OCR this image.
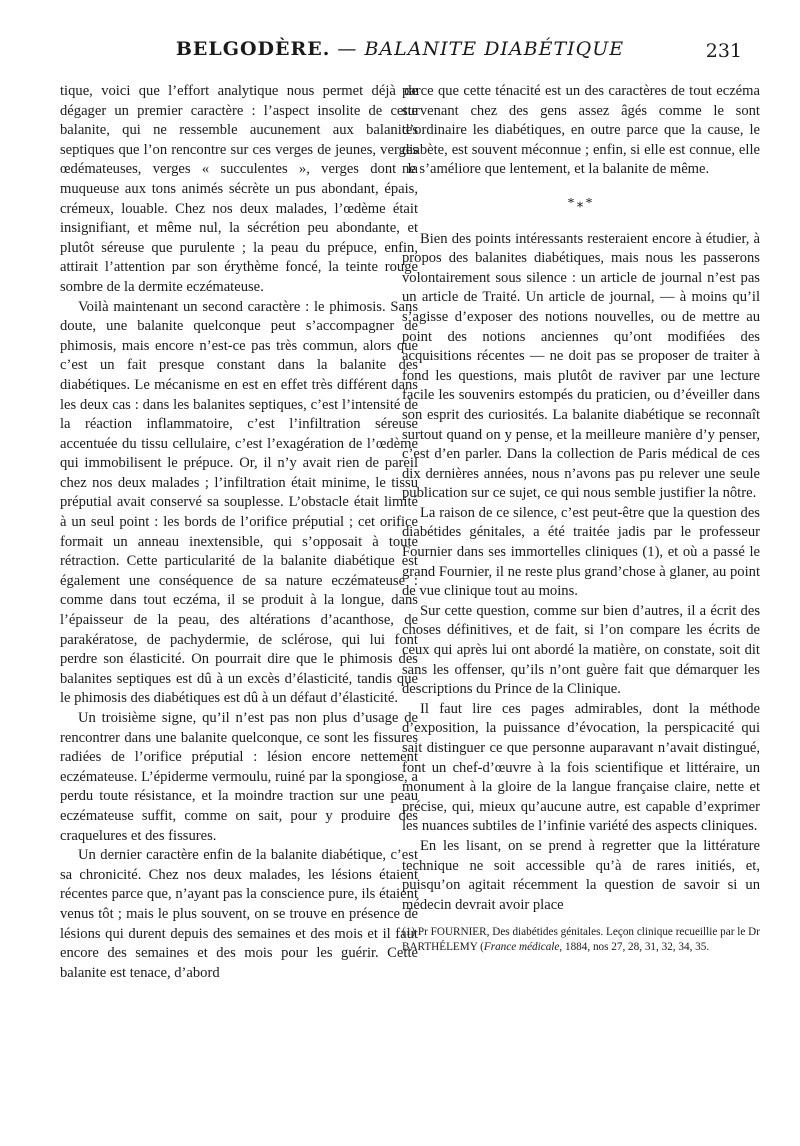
BELGODÈRE. — BALANITE DIABÉTIQUE	231

tique, voici que l’effort analytique nous permet déjà de dégager un premier caractère : l’aspect insolite de cette balanite, qui ne ressemble aucunement aux balanites septiques que l’on rencontre sur ces verges de jeunes, verges œdémateuses, verges « succulentes », verges dont la muqueuse aux tons animés sécrète un pus abondant, épais, crémeux, louable. Chez nos deux malades, l’œdème était insignifiant, et même nul, la sécrétion peu abondante, et plutôt séreuse que purulente ; la peau du prépuce, enfin, attirait l’attention par son érythème foncé, la teinte rouge sombre de la dermite eczémateuse.

Voilà maintenant un second caractère : le phimosis. Sans doute, une balanite quelconque peut s’accompagner de phimosis, mais encore n’est-ce pas très commun, alors que c’est un fait presque constant dans la balanite des diabétiques. Le mécanisme en est en effet très différent dans les deux cas : dans les balanites septiques, c’est l’intensité de la réaction inflammatoire, c’est l’infiltration séreuse accentuée du tissu cellulaire, c’est l’exagération de l’œdème qui immobilisent le prépuce. Or, il n’y avait rien de pareil chez nos deux malades ; l’infiltration était minime, le tissu préputial avait conservé sa souplesse. L’obstacle était limité à un seul point : les bords de l’orifice préputial ; cet orifice formait un anneau inextensible, qui s’opposait à toute rétraction. Cette particularité de la balanite diabétique est également une conséquence de sa nature eczémateuse : comme dans tout eczéma, il se produit à la longue, dans l’épaisseur de la peau, des altérations d’acanthose, de parakératose, de pachydermie, de sclérose, qui lui font perdre son élasticité. On pourrait dire que le phimosis des balanites septiques est dû à un excès d’élasticité, tandis que le phimosis des diabétiques est dû à un défaut d’élasticité.

Un troisième signe, qu’il n’est pas non plus d’usage de rencontrer dans une balanite quelconque, ce sont les fissures radiées de l’orifice préputial : lésion encore nettement eczémateuse. L’épiderme vermoulu, ruiné par la spongiose, a perdu toute résistance, et la moindre traction sur une peau eczémateuse suffit, comme on sait, pour y produire des craquelures et des fissures.

Un dernier caractère enfin de la balanite diabétique, c’est sa chronicité. Chez nos deux malades, les lésions étaient récentes parce que, n’ayant pas la conscience pure, ils étaient venus tôt ; mais le plus souvent, on se trouve en présence de lésions qui durent depuis des semaines et des mois et il faut encore des semaines et des mois pour les guérir. Cette balanite est tenace, d’abord

parce que cette ténacité est un des caractères de tout eczéma survenant chez des gens assez âgés comme le sont d’ordinaire les diabétiques, en outre parce que la cause, le diabète, est souvent méconnue ; enfin, si elle est connue, elle ne s’améliore que lentement, et la balanite de même.

*⁎*

Bien des points intéressants resteraient encore à étudier, à propos des balanites diabétiques, mais nous les passerons volontairement sous silence : un article de journal n’est pas un article de Traité. Un article de journal, — à moins qu’il s’agisse d’exposer des notions nouvelles, ou de mettre au point des notions anciennes qu’ont modifiées des acquisitions récentes — ne doit pas se proposer de traiter à fond les questions, mais plutôt de raviver par une lecture facile les souvenirs estompés du praticien, ou d’éveiller dans son esprit des curiosités. La balanite diabétique se reconnaît surtout quand on y pense, et la meilleure manière d’y penser, c’est d’en parler. Dans la collection de Paris médical de ces dix dernières années, nous n’avons pas pu relever une seule publication sur ce sujet, ce qui nous semble justifier la nôtre.

La raison de ce silence, c’est peut-être que la question des diabétides génitales, a été traitée jadis par le professeur Fournier dans ses immortelles cliniques (1), et où a passé le grand Fournier, il ne reste plus grand’chose à glaner, au point de vue clinique tout au moins.

Sur cette question, comme sur bien d’autres, il a écrit des choses définitives, et de fait, si l’on compare les écrits de ceux qui après lui ont abordé la matière, on constate, soit dit sans les offenser, qu’ils n’ont guère fait que démarquer les descriptions du Prince de la Clinique.

Il faut lire ces pages admirables, dont la méthode d’exposition, la puissance d’évocation, la perspicacité qui sait distinguer ce que personne auparavant n’avait distingué, font un chef-d’œuvre à la fois scientifique et littéraire, un monument à la gloire de la langue française claire, nette et précise, qui, mieux qu’aucune autre, est capable d’exprimer les nuances subtiles de l’infinie variété des aspects cliniques.

En les lisant, on se prend à regretter que la littérature technique ne soit accessible qu’à de rares initiés, et, puisqu’on agitait récemment la question de savoir si un médecin devrait avoir place

(1) Pr FOURNIER, Des diabétides génitales. Leçon clinique recueillie par le Dr BARTHÉLEMY (France médicale, 1884, nos 27, 28, 31, 32, 34, 35.
